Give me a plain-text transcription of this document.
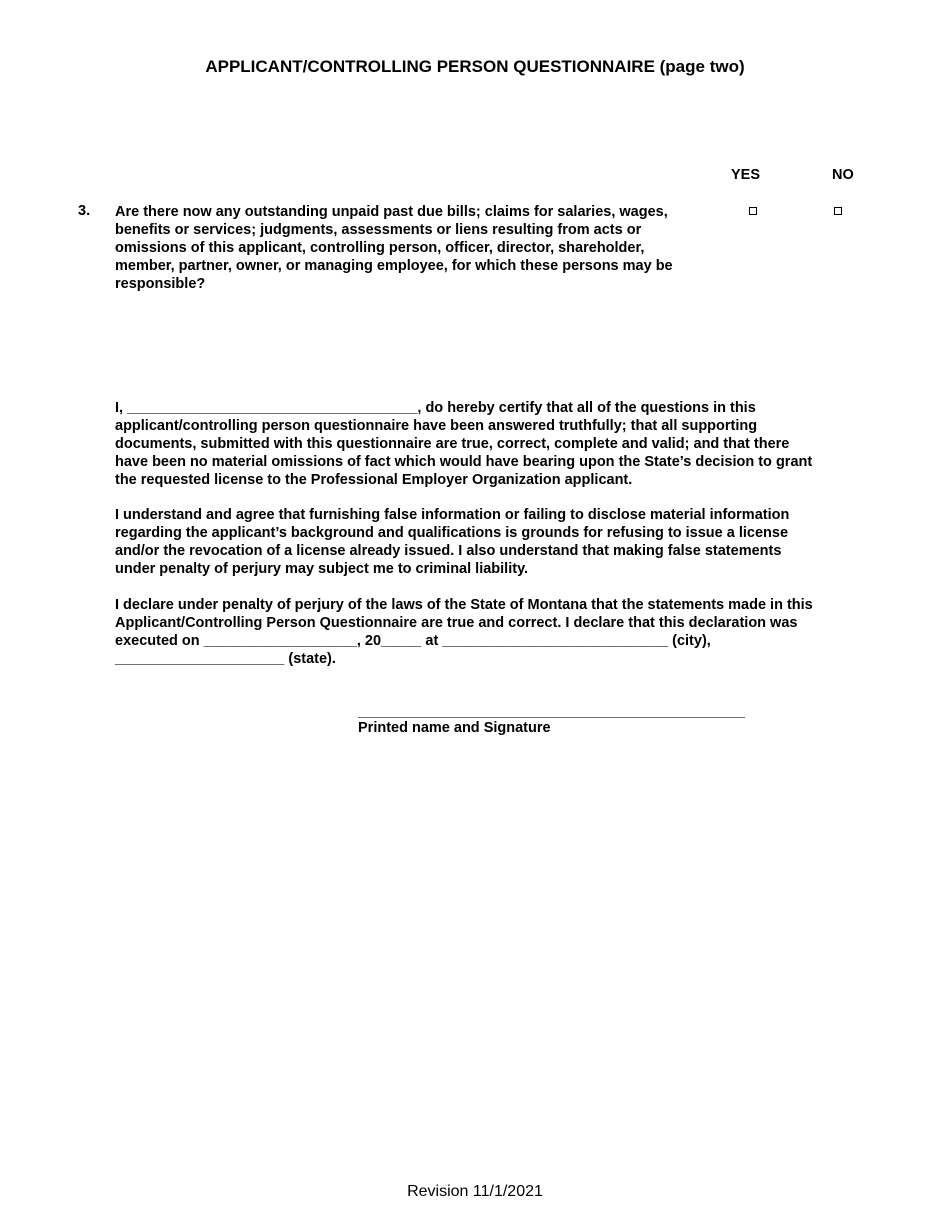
APPLICANT/CONTROLLING PERSON QUESTIONNAIRE (page two)
YES	NO
3. Are there now any outstanding unpaid past due bills; claims for salaries, wages, benefits or services; judgments, assessments or liens resulting from acts or omissions of this applicant, controlling person, officer, director, shareholder, member, partner, owner, or managing employee, for which these persons may be responsible?

I, ____________________________________, do hereby certify that all of the questions in this
applicant/controlling person questionnaire have been answered truthfully; that all supporting
documents, submitted with this questionnaire are true, correct, complete and valid; and that there
have been no material omissions of fact which would have bearing upon the State’s decision to grant
the requested license to the Professional Employer Organization applicant.

I understand and agree that furnishing false information or failing to disclose material information
regarding the applicant’s background and qualifications is grounds for refusing to issue a license
and/or the revocation of a license already issued. I also understand that making false statements
under penalty of perjury may subject me to criminal liability.

I declare under penalty of perjury of the laws of the State of Montana that the statements made in this
Applicant/Controlling Person Questionnaire are true and correct. I declare that this declaration was
executed on ___________________, 20_____ at ____________________________ (city),
_____________________ (state).

________________________________________________
Printed name and Signature
Revision 11/1/2021
